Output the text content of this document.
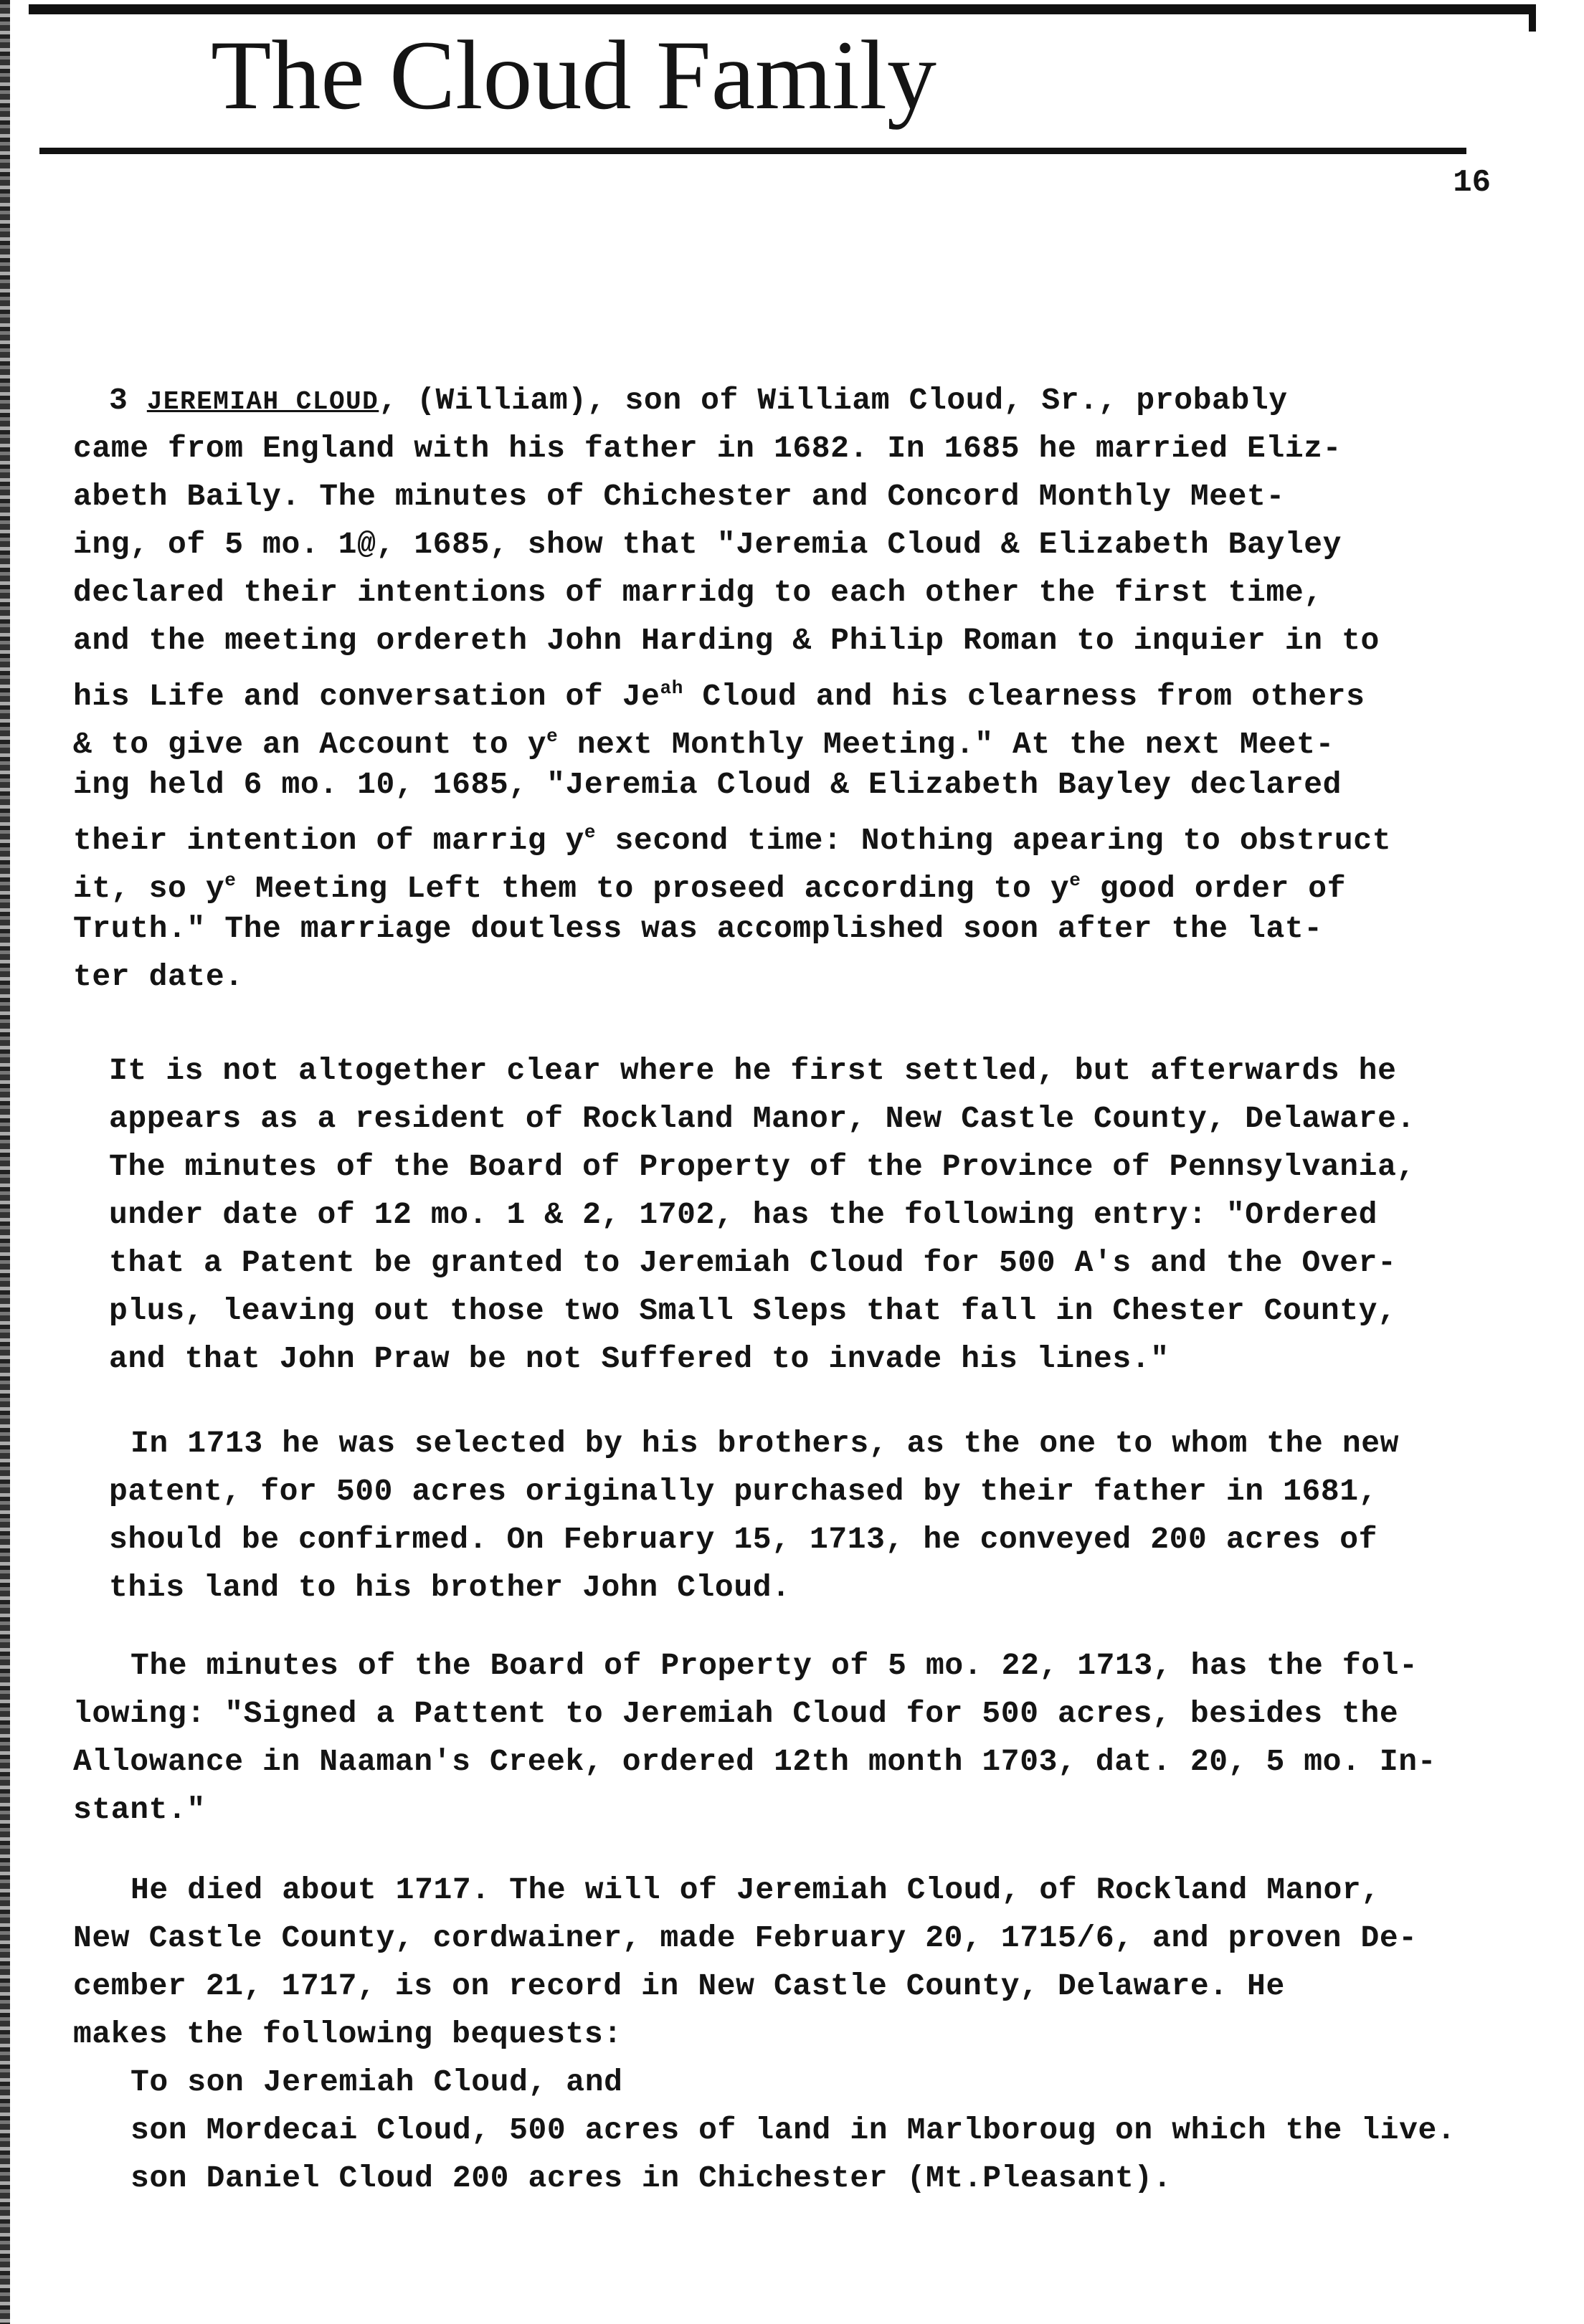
The Cloud Family
16
3 JEREMIAH CLOUD, (William), son of William Cloud, Sr., probably
came from England with his father in 1682. In 1685 he married Eliz-
abeth Baily. The minutes of Chichester and Concord Monthly Meet-
ing, of 5 mo. 1@, 1685, show that "Jeremia Cloud & Elizabeth Bayley
declared their intentions of marridg to each other the first time,
and the meeting ordereth John Harding & Philip Roman to inquier in to
his Life and conversation of $Je^{ah}$ Cloud and his clearness from others
& to give an Account to $y^e$ next Monthly Meeting." At the next Meet-
ing held 6 mo. 10, 1685, "Jeremia Cloud & Elizabeth Bayley declared
their intention of marrig $y^e$ second time: Nothing apearing to obstruct
it, so $y^e$ Meeting Left them to proseed according to $y^e$ good order of
Truth." The marriage doutless was accomplished soon after the lat-
ter date.
It is not altogether clear where he first settled, but afterwards he
appears as a resident of Rockland Manor, New Castle County, Delaware.
The minutes of the Board of Property of the Province of Pennsylvania,
under date of 12 mo. 1 & 2, 1702, has the following entry: "Ordered
that a Patent be granted to Jeremiah Cloud for 500 A's and the Over-
plus, leaving out those two Small Sleps that fall in Chester County,
and that John Praw be not Suffered to invade his lines."
In 1713 he was selected by his brothers, as the one to whom the new
patent, for 500 acres originally purchased by their father in 1681,
should be confirmed. On February 15, 1713, he conveyed 200 acres of
this land to his brother John Cloud.
The minutes of the Board of Property of 5 mo. 22, 1713, has the fol-
lowing: "Signed a Pattent to Jeremiah Cloud for 500 acres, besides the
Allowance in Naaman's Creek, ordered 12th month 1703, dat. 20, 5 mo. In-
stant."
He died about 1717. The will of Jeremiah Cloud, of Rockland Manor,
New Castle County, cordwainer, made February 20, 1715/6, and proven De-
cember 21, 1717, is on record in New Castle County, Delaware. He
makes the following bequests:
To son Jeremiah Cloud, and
son Mordecai Cloud, 500 acres of land in Marlboroug on which the live.
son Daniel Cloud 200 acres in Chichester (Mt.Pleasant).
